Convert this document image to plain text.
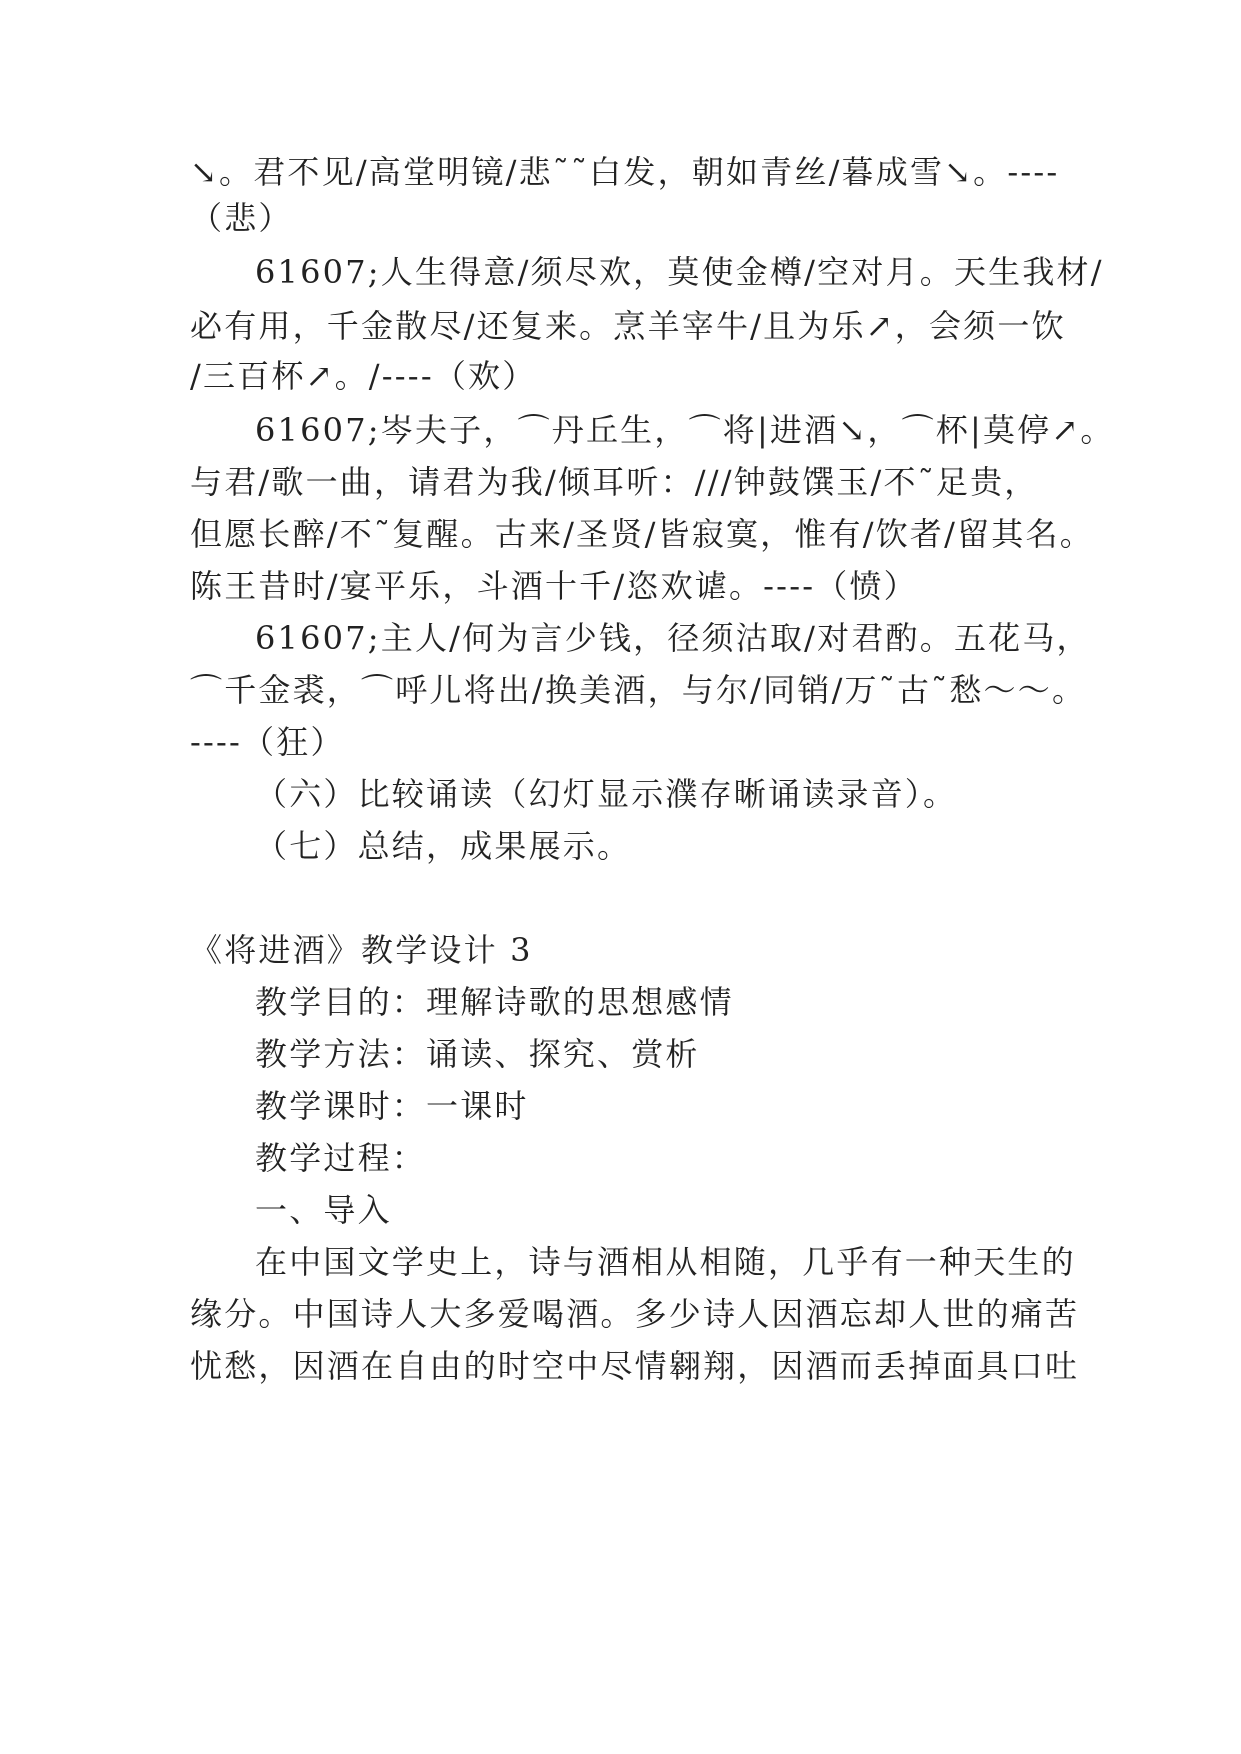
↘。君不见/高堂明镜/悲˜˜白发，朝如青丝/暮成雪↘。----
（悲）
61607;人生得意/须尽欢，莫使金樽/空对月。天生我材/
必有用，千金散尽/还复来。烹羊宰牛/且为乐↗，会须一饮
/三百杯↗。/----（欢）
61607;岑夫子，⌒丹丘生，⌒将|进酒↘，⌒杯|莫停↗。
与君/歌一曲，请君为我/倾耳听：///钟鼓馔玉/不˜足贵，
但愿长醉/不˜复醒。古来/圣贤/皆寂寞，惟有/饮者/留其名。
陈王昔时/宴平乐，斗酒十千/恣欢谑。----（愤）
61607;主人/何为言少钱，径须沽取/对君酌。五花马，
⌒千金裘，⌒呼儿将出/换美酒，与尔/同销/万˜古˜愁～～。
----（狂）
（六）比较诵读（幻灯显示濮存晰诵读录音）。
（七）总结，成果展示。
《将进酒》教学设计 3
教学目的：理解诗歌的思想感情
教学方法：诵读、探究、赏析
教学课时：一课时
教学过程：
一、导入
在中国文学史上，诗与酒相从相随，几乎有一种天生的
缘分。中国诗人大多爱喝酒。多少诗人因酒忘却人世的痛苦
忧愁，因酒在自由的时空中尽情翱翔，因酒而丢掉面具口吐
